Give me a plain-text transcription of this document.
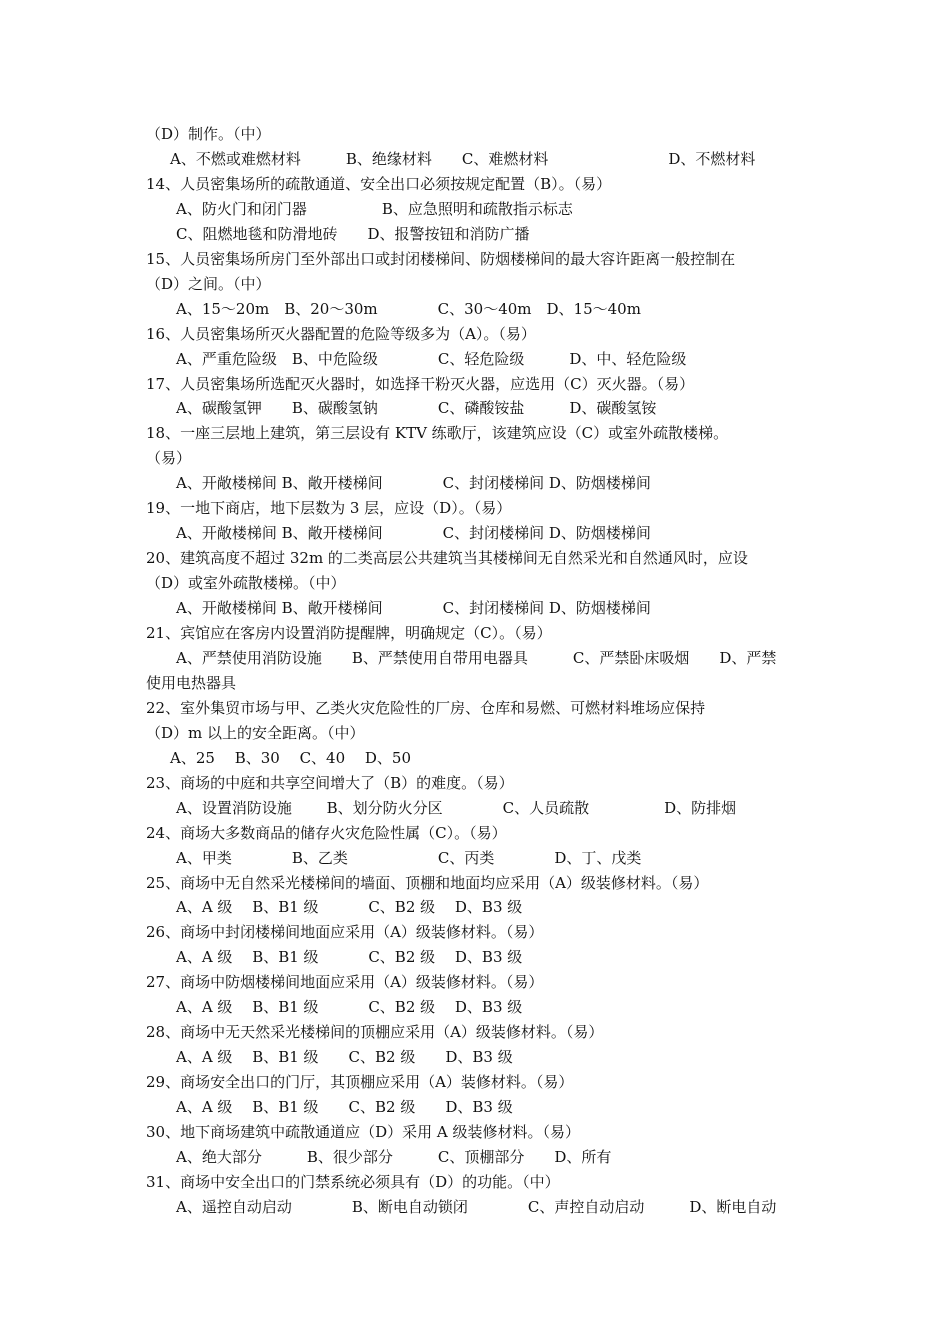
（D）制作。（中）
A、不燃或难燃材料　　　B、绝缘材料　　C、难燃材料　　　　　　　　D、不燃材料
14、人员密集场所的疏散通道、安全出口必须按规定配置（B）。（易）
A、防火门和闭门器　　　　　B、应急照明和疏散指示标志
C、阻燃地毯和防滑地砖　　D、报警按钮和消防广播
15、人员密集场所房门至外部出口或封闭楼梯间、防烟楼梯间的最大容许距离一般控制在
（D）之间。（中）
A、15～20m　B、20～30m　　　　C、30～40m　D、15～40m
16、人员密集场所灭火器配置的危险等级多为（A）。（易）
A、严重危险级　B、中危险级　　　　C、轻危险级　　　D、中、轻危险级
17、人员密集场所选配灭火器时，如选择干粉灭火器，应选用（C）灭火器。（易）
A、碳酸氢钾　　B、碳酸氢钠　　　　C、磷酸铵盐　　　D、碳酸氢铵
18、一座三层地上建筑，第三层设有 KTV 练歌厅，该建筑应设（C）或室外疏散楼梯。
（易）
A、开敞楼梯间 B、敞开楼梯间　　　　C、封闭楼梯间 D、防烟楼梯间
19、一地下商店，地下层数为 3 层，应设（D）。（易）
A、开敞楼梯间 B、敞开楼梯间　　　　C、封闭楼梯间 D、防烟楼梯间
20、建筑高度不超过 32m 的二类高层公共建筑当其楼梯间无自然采光和自然通风时，应设
（D）或室外疏散楼梯。（中）
A、开敞楼梯间 B、敞开楼梯间　　　　C、封闭楼梯间 D、防烟楼梯间
21、宾馆应在客房内设置消防提醒牌，明确规定（C）。（易）
A、严禁使用消防设施　　B、严禁使用自带用电器具　　　C、严禁卧床吸烟　　D、严禁
使用电热器具
22、室外集贸市场与甲、乙类火灾危险性的厂房、仓库和易燃、可燃材料堆场应保持
（D）m 以上的安全距离。（中）
A、25　 B、30　 C、40　 D、50
23、商场的中庭和共享空间增大了（B）的难度。（易）
A、设置消防设施　　 B、划分防火分区　　　　C、人员疏散　　　　　D、防排烟
24、商场大多数商品的储存火灾危险性属（C）。（易）
A、甲类　　　　B、乙类　　　　　　C、丙类　　　　D、丁、戊类
25、商场中无自然采光楼梯间的墙面、顶棚和地面均应采用（A）级装修材料。（易）
A、A 级　 B、B1 级　　　 C、B2 级　 D、B3 级
26、商场中封闭楼梯间地面应采用（A）级装修材料。（易）
A、A 级　 B、B1 级　　　 C、B2 级　 D、B3 级
27、商场中防烟楼梯间地面应采用（A）级装修材料。（易）
A、A 级　 B、B1 级　　　 C、B2 级　 D、B3 级
28、商场中无天然采光楼梯间的顶棚应采用（A）级装修材料。（易）
A、A 级　 B、B1 级　　C、B2 级　　D、B3 级
29、商场安全出口的门厅，其顶棚应采用（A）装修材料。（易）
A、A 级　 B、B1 级　　C、B2 级　　D、B3 级
30、地下商场建筑中疏散通道应（D）采用 A 级装修材料。（易）
A、绝大部分　　　B、很少部分　　　C、顶棚部分　　D、所有
31、商场中安全出口的门禁系统必须具有（D）的功能。（中）
A、遥控自动启动　　　　B、断电自动锁闭　　　　C、声控自动启动　　　D、断电自动
